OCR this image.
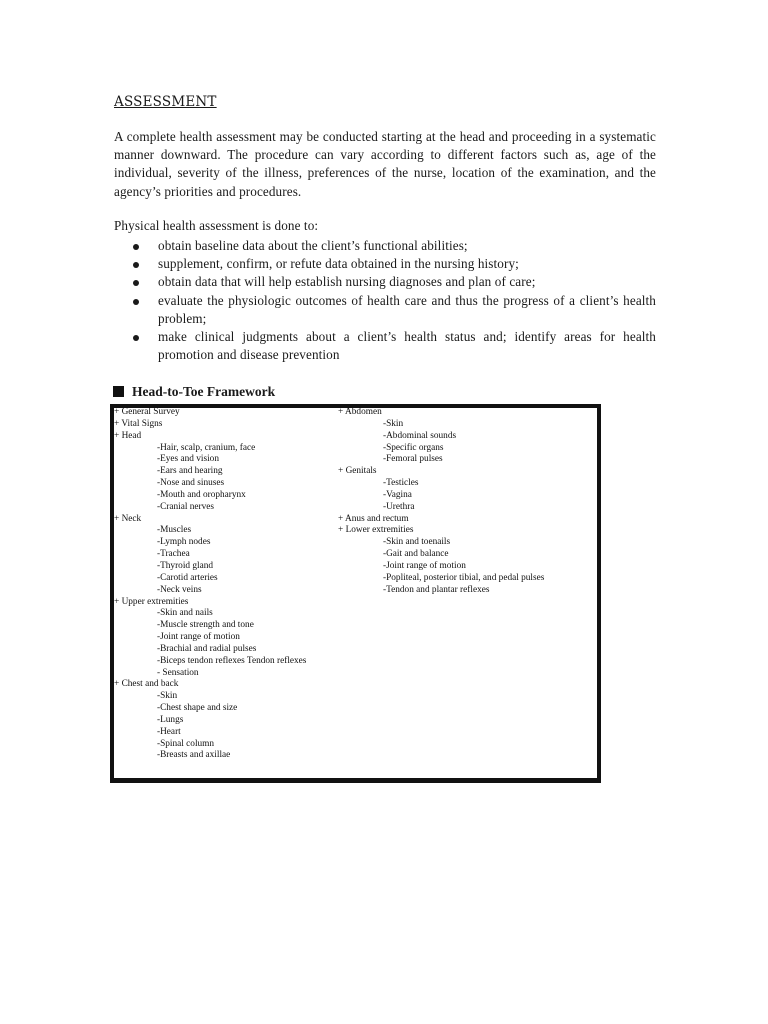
ASSESSMENT
A complete health assessment may be conducted starting at the head and proceeding in a systematic manner downward. The procedure can vary according to different factors such as, age of the individual, severity of the illness, preferences of the nurse, location of the examination, and the agency’s priorities and procedures.
Physical health assessment is done to:
obtain baseline data about the client’s functional abilities;
supplement, confirm, or refute data obtained in the nursing history;
obtain data that will help establish nursing diagnoses and plan of care;
evaluate the physiologic outcomes of health care and thus the progress of a client’s health problem;
make clinical judgments about a client’s health status and; identify areas for health promotion and disease prevention
Head-to-Toe Framework
+ General Survey
+ Vital Signs
+ Head
-Hair, scalp, cranium, face
-Eyes and vision
-Ears and hearing
-Nose and sinuses
-Mouth and oropharynx
-Cranial nerves
+ Neck
-Muscles
-Lymph nodes
-Trachea
-Thyroid gland
-Carotid arteries
-Neck veins
+ Upper extremities
-Skin and nails
-Muscle strength and tone
-Joint range of motion
-Brachial and radial pulses
-Biceps tendon reflexes Tendon reflexes
- Sensation
+ Chest and back
-Skin
-Chest shape and size
-Lungs
-Heart
-Spinal column
-Breasts and axillae
+ Abdomen
-Skin
-Abdominal sounds
-Specific organs
-Femoral pulses
+ Genitals
-Testicles
-Vagina
-Urethra
+ Anus and rectum
+ Lower extremities
-Skin and toenails
-Gait and balance
-Joint range of motion
-Popliteal, posterior tibial, and pedal pulses
-Tendon and plantar reflexes
